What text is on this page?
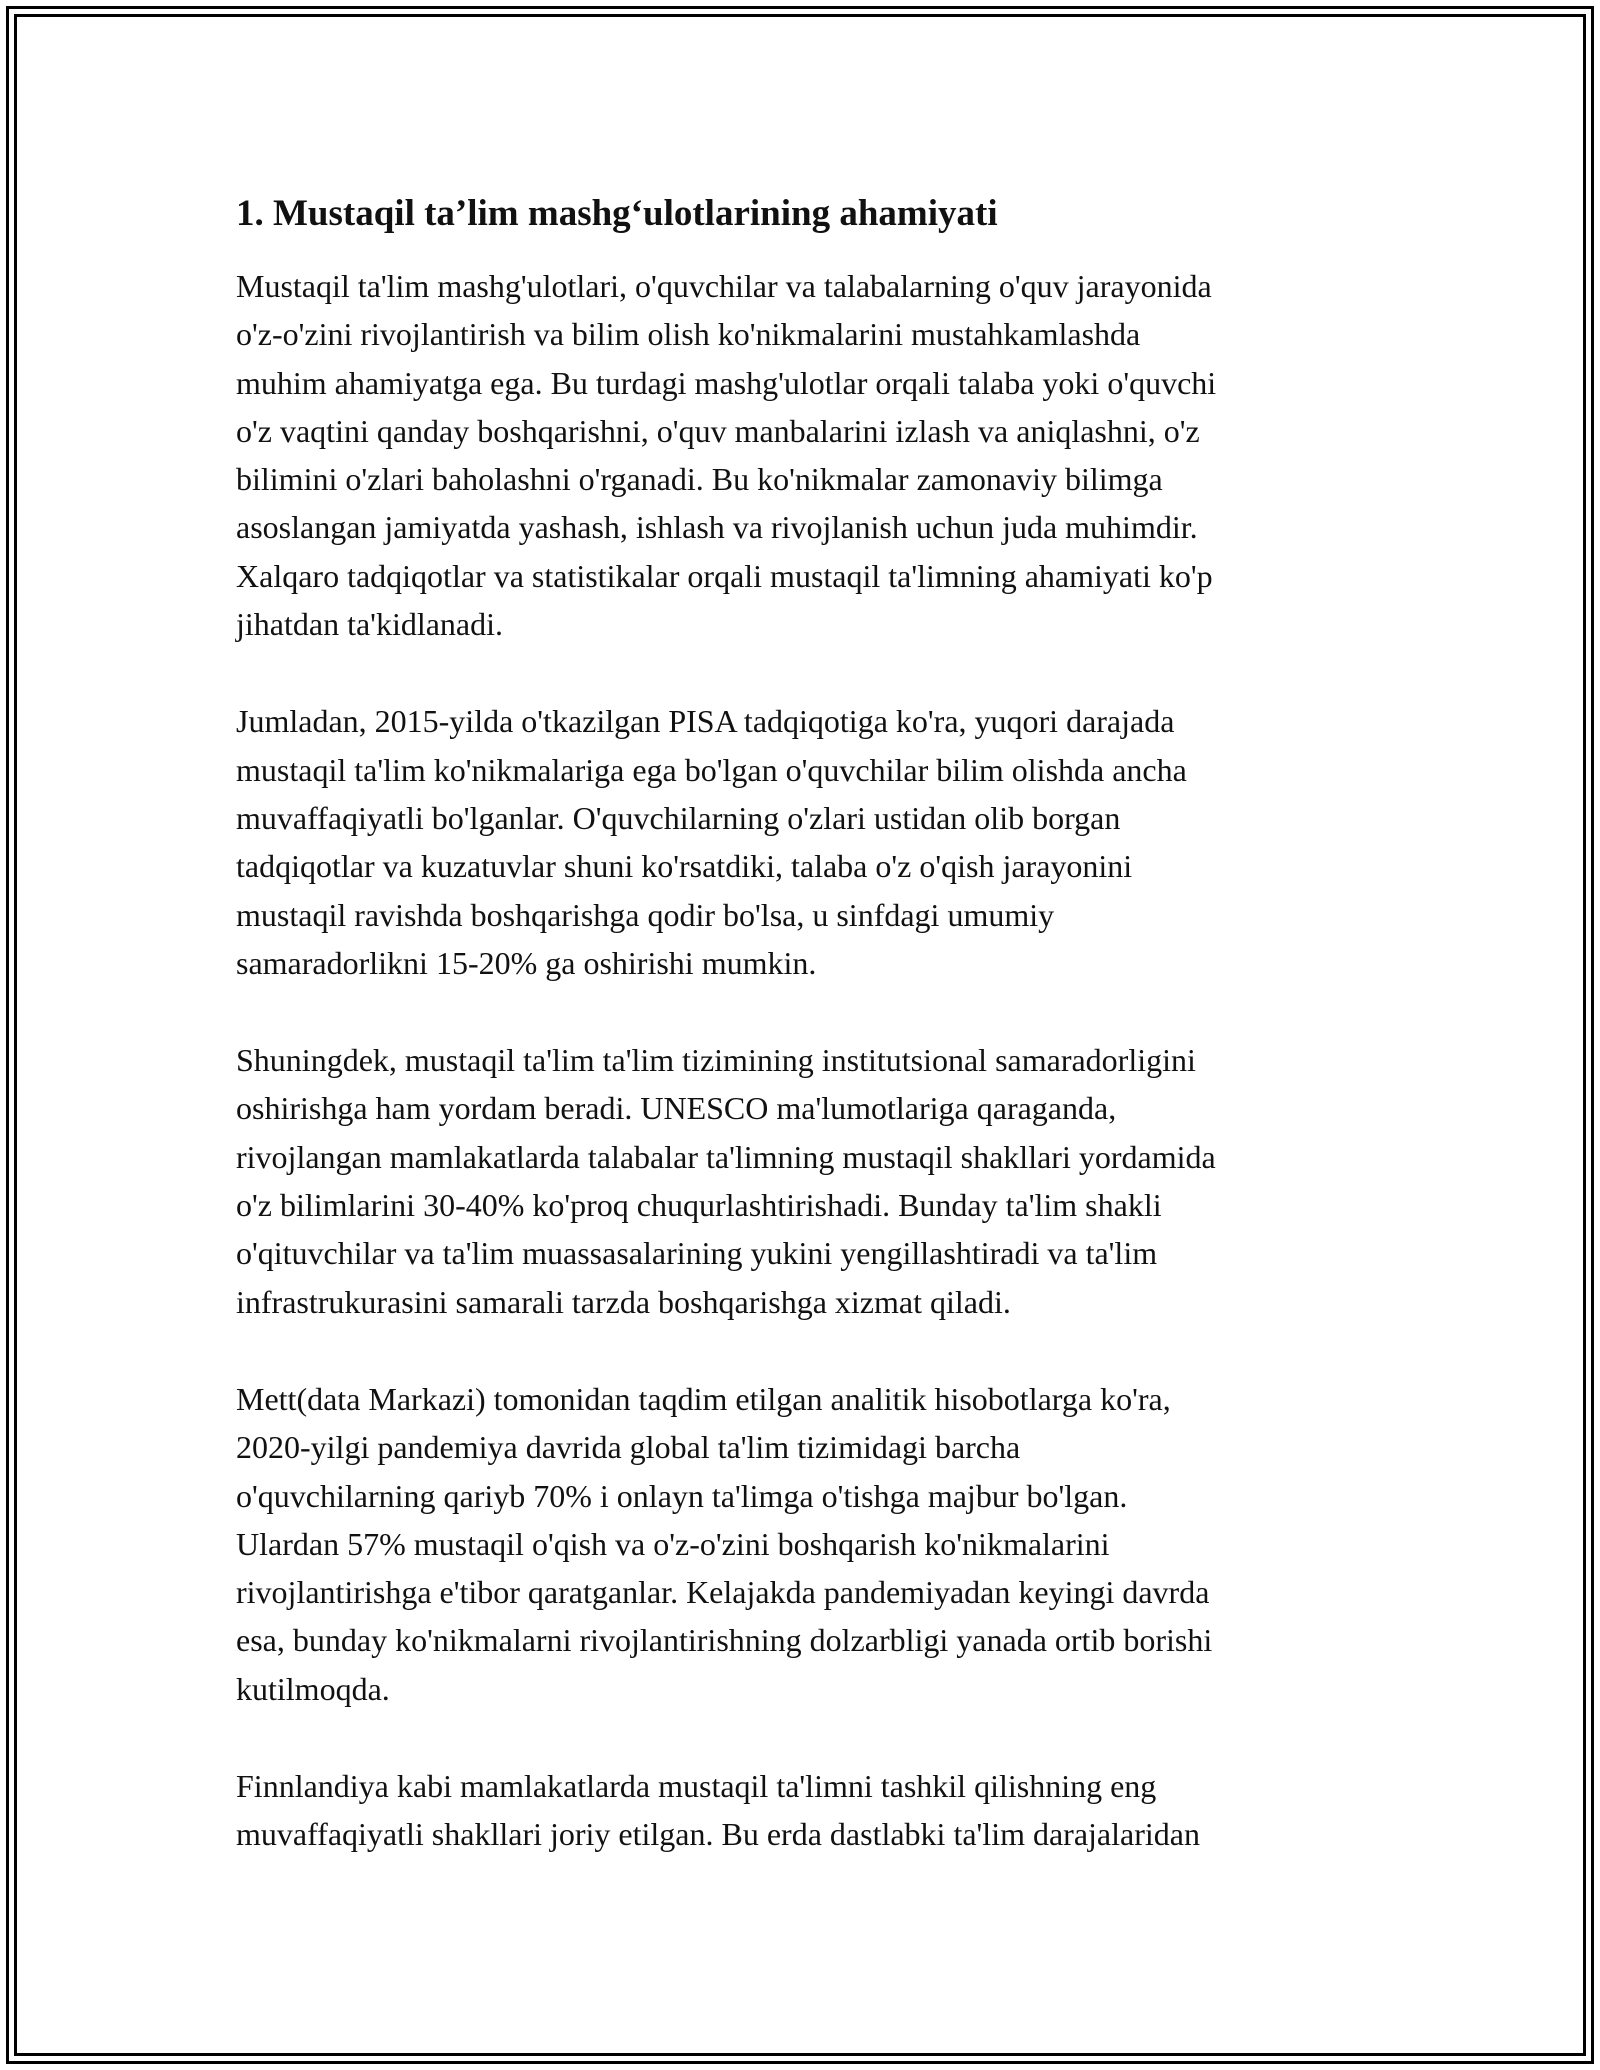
1. Mustaqil ta’lim mashg‘ulotlarining ahamiyati

Mustaqil ta'lim mashg'ulotlari, o'quvchilar va talabalarning o'quv jarayonida
o'z-o'zini rivojlantirish va bilim olish ko'nikmalarini mustahkamlashda
muhim ahamiyatga ega. Bu turdagi mashg'ulotlar orqali talaba yoki o'quvchi
o'z vaqtini qanday boshqarishni, o'quv manbalarini izlash va aniqlashni, o'z
bilimini o'zlari baholashni o'rganadi. Bu ko'nikmalar zamonaviy bilimga
asoslangan jamiyatda yashash, ishlash va rivojlanish uchun juda muhimdir.
Xalqaro tadqiqotlar va statistikalar orqali mustaqil ta'limning ahamiyati ko'p
jihatdan ta'kidlanadi.

Jumladan, 2015-yilda o'tkazilgan PISA tadqiqotiga ko'ra, yuqori darajada
mustaqil ta'lim ko'nikmalariga ega bo'lgan o'quvchilar bilim olishda ancha
muvaffaqiyatli bo'lganlar. O'quvchilarning o'zlari ustidan olib borgan
tadqiqotlar va kuzatuvlar shuni ko'rsatdiki, talaba o'z o'qish jarayonini
mustaqil ravishda boshqarishga qodir bo'lsa, u sinfdagi umumiy
samaradorlikni 15-20% ga oshirishi mumkin.

Shuningdek, mustaqil ta'lim ta'lim tizimining institutsional samaradorligini
oshirishga ham yordam beradi. UNESCO ma'lumotlariga qaraganda,
rivojlangan mamlakatlarda talabalar ta'limning mustaqil shakllari yordamida
o'z bilimlarini 30-40% ko'proq chuqurlashtirishadi. Bunday ta'lim shakli
o'qituvchilar va ta'lim muassasalarining yukini yengillashtiradi va ta'lim
infrastrukurasini samarali tarzda boshqarishga xizmat qiladi.

Mett(data Markazi) tomonidan taqdim etilgan analitik hisobotlarga ko'ra,
2020-yilgi pandemiya davrida global ta'lim tizimidagi barcha
o'quvchilarning qariyb 70% i onlayn ta'limga o'tishga majbur bo'lgan.
Ulardan 57% mustaqil o'qish va o'z-o'zini boshqarish ko'nikmalarini
rivojlantirishga e'tibor qaratganlar. Kelajakda pandemiyadan keyingi davrda
esa, bunday ko'nikmalarni rivojlantirishning dolzarbligi yanada ortib borishi
kutilmoqda.

Finnlandiya kabi mamlakatlarda mustaqil ta'limni tashkil qilishning eng
muvaffaqiyatli shakllari joriy etilgan. Bu erda dastlabki ta'lim darajalaridan
